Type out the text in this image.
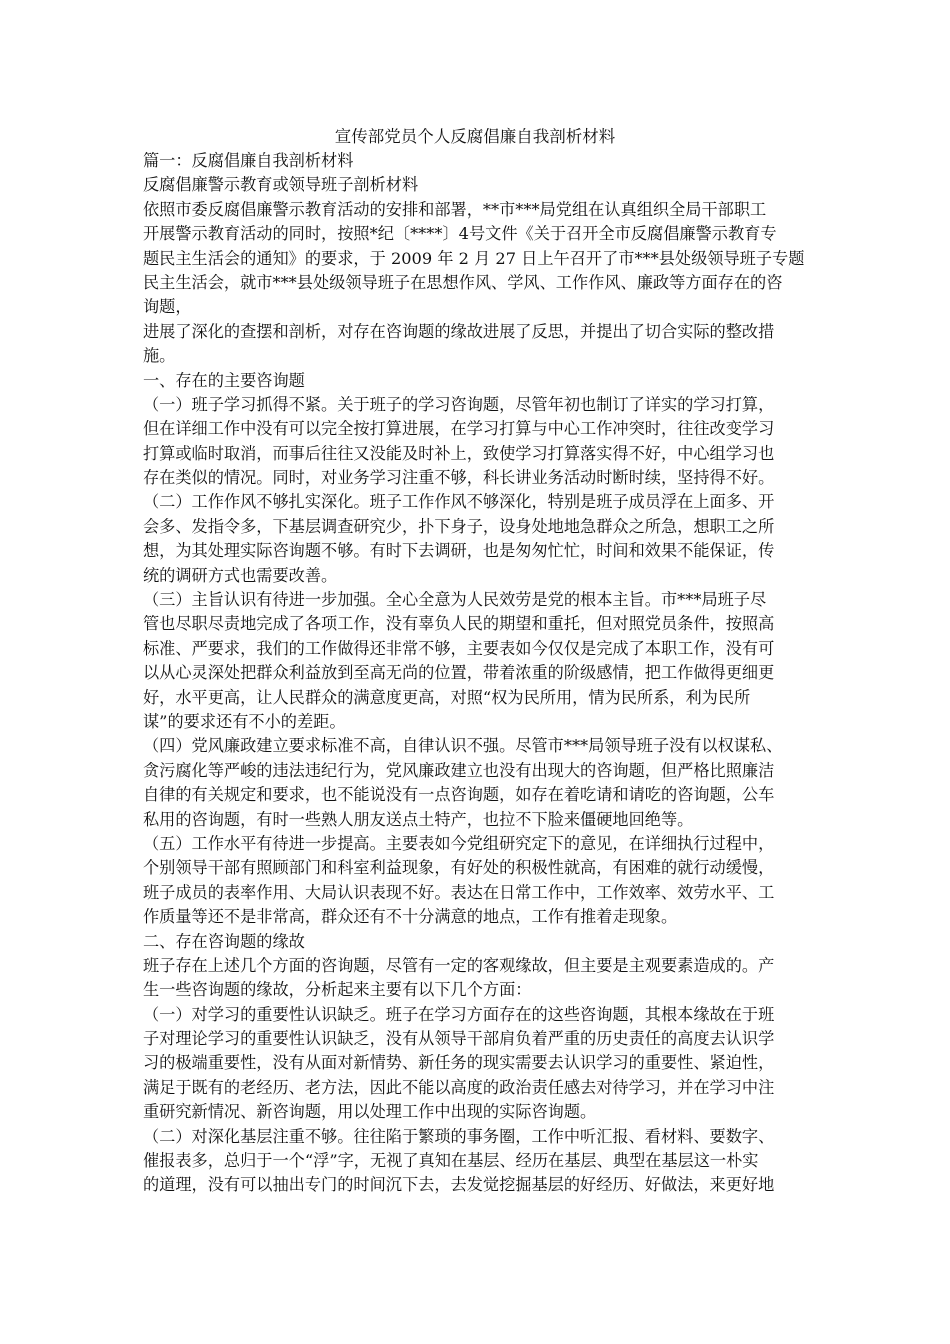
宣传部党员个人反腐倡廉自我剖析材料
篇一：反腐倡廉自我剖析材料
反腐倡廉警示教育或领导班子剖析材料
依照市委反腐倡廉警示教育活动的安排和部署，**市***局党组在认真组织全局干部职工
开展警示教育活动的同时，按照*纪〔****〕4号文件《关于召开全市反腐倡廉警示教育专
题民主生活会的通知》的要求，于 2009 年 2 月 27 日上午召开了市***县处级领导班子专题
民主生活会，就市***县处级领导班子在思想作风、学风、工作作风、廉政等方面存在的咨
询题，
进展了深化的查摆和剖析，对存在咨询题的缘故进展了反思，并提出了切合实际的整改措
施。
一、存在的主要咨询题
（一）班子学习抓得不紧。关于班子的学习咨询题，尽管年初也制订了详实的学习打算，
但在详细工作中没有可以完全按打算进展，在学习打算与中心工作冲突时，往往改变学习
打算或临时取消，而事后往往又没能及时补上，致使学习打算落实得不好，中心组学习也
存在类似的情况。同时，对业务学习注重不够，科长讲业务活动时断时续，坚持得不好。
（二）工作作风不够扎实深化。班子工作作风不够深化，特别是班子成员浮在上面多、开
会多、发指令多，下基层调查研究少，扑下身子，设身处地地急群众之所急，想职工之所
想，为其处理实际咨询题不够。有时下去调研，也是匆匆忙忙，时间和效果不能保证，传
统的调研方式也需要改善。
（三）主旨认识有待进一步加强。全心全意为人民效劳是党的根本主旨。市***局班子尽
管也尽职尽责地完成了各项工作，没有辜负人民的期望和重托，但对照党员条件，按照高
标准、严要求，我们的工作做得还非常不够，主要表如今仅仅是完成了本职工作，没有可
以从心灵深处把群众利益放到至高无尚的位置，带着浓重的阶级感情，把工作做得更细更
好，水平更高，让人民群众的满意度更高，对照“权为民所用，情为民所系，利为民所
谋”的要求还有不小的差距。
（四）党风廉政建立要求标准不高，自律认识不强。尽管市***局领导班子没有以权谋私、
贪污腐化等严峻的违法违纪行为，党风廉政建立也没有出现大的咨询题，但严格比照廉洁
自律的有关规定和要求，也不能说没有一点咨询题，如存在着吃请和请吃的咨询题，公车
私用的咨询题，有时一些熟人朋友送点土特产，也拉不下脸来僵硬地回绝等。
（五）工作水平有待进一步提高。主要表如今党组研究定下的意见，在详细执行过程中，
个别领导干部有照顾部门和科室利益现象，有好处的积极性就高，有困难的就行动缓慢，
班子成员的表率作用、大局认识表现不好。表达在日常工作中，工作效率、效劳水平、工
作质量等还不是非常高，群众还有不十分满意的地点，工作有推着走现象。
二、存在咨询题的缘故
班子存在上述几个方面的咨询题，尽管有一定的客观缘故，但主要是主观要素造成的。产
生一些咨询题的缘故，分析起来主要有以下几个方面：
（一）对学习的重要性认识缺乏。班子在学习方面存在的这些咨询题，其根本缘故在于班
子对理论学习的重要性认识缺乏，没有从领导干部肩负着严重的历史责任的高度去认识学
习的极端重要性，没有从面对新情势、新任务的现实需要去认识学习的重要性、紧迫性，
满足于既有的老经历、老方法，因此不能以高度的政治责任感去对待学习，并在学习中注
重研究新情况、新咨询题，用以处理工作中出现的实际咨询题。
（二）对深化基层注重不够。往往陷于繁琐的事务圈，工作中听汇报、看材料、要数字、
催报表多，总归于一个“浮”字，无视了真知在基层、经历在基层、典型在基层这一朴实
的道理，没有可以抽出专门的时间沉下去，去发觉挖掘基层的好经历、好做法，来更好地
